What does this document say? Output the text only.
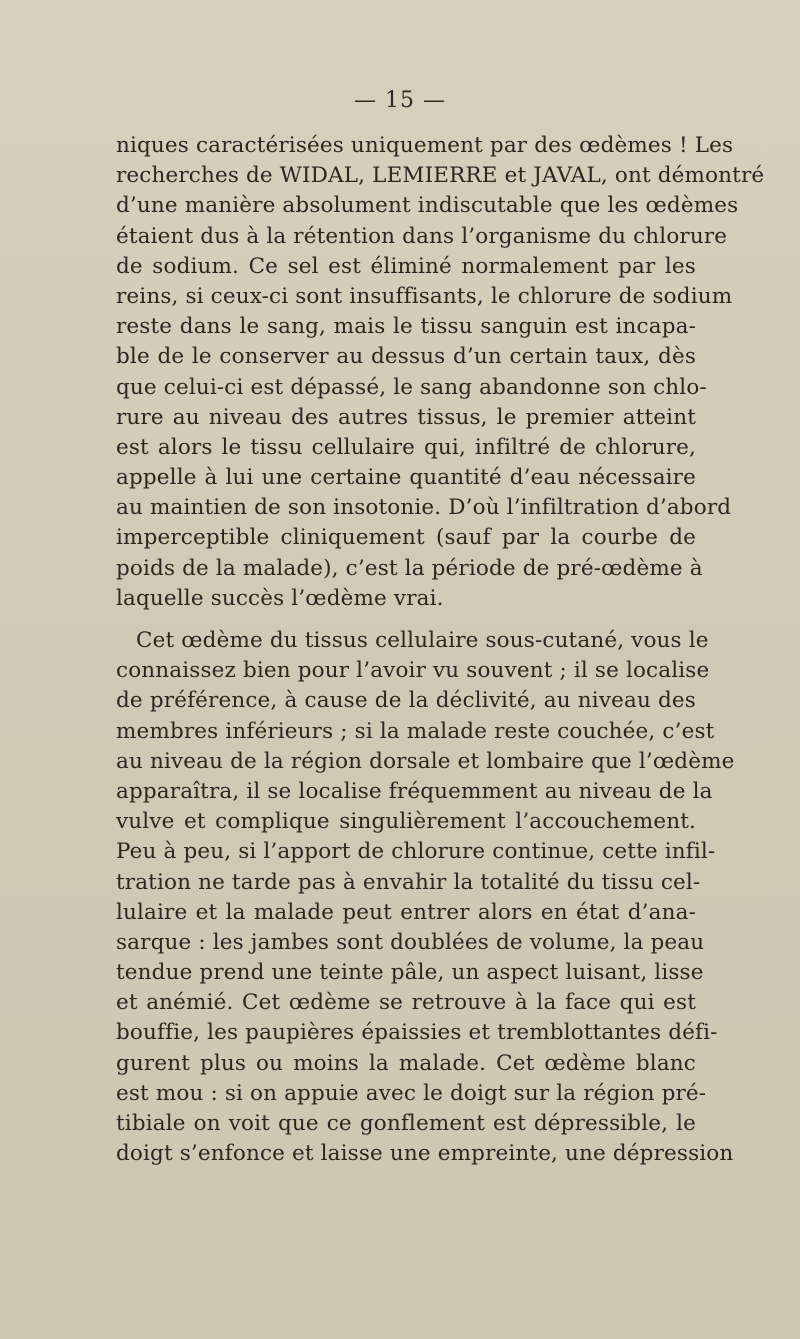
— 15 —
niques caractérisées uniquement par des œdèmes ! Les
recherches de WIDAL, LEMIERRE et JAVAL, ont démontré
d’une manière absolument indiscutable que les œdèmes
étaient dus à la rétention dans l’organisme du chlorure
de sodium. Ce sel est éliminé normalement par les
reins, si ceux-ci sont insuffisants, le chlorure de sodium
reste dans le sang, mais le tissu sanguin est incapa-
ble de le conserver au dessus d’un certain taux, dès
que celui-ci est dépassé, le sang abandonne son chlo-
rure au niveau des autres tissus, le premier atteint
est alors le tissu cellulaire qui, infiltré de chlorure,
appelle à lui une certaine quantité d’eau nécessaire
au maintien de son insotonie. D’où l’infiltration d’abord
imperceptible cliniquement (sauf par la courbe de
poids de la malade), c’est la période de pré-œdème à
laquelle succès l’œdème vrai.
Cet œdème du tissus cellulaire sous-cutané, vous le
connaissez bien pour l’avoir vu souvent ; il se localise
de préférence, à cause de la déclivité, au niveau des
membres inférieurs ; si la malade reste couchée, c’est
au niveau de la région dorsale et lombaire que l’œdème
apparaîtra, il se localise fréquemment au niveau de la
vulve et complique singulièrement l’accouchement.
Peu à peu, si l’apport de chlorure continue, cette infil-
tration ne tarde pas à envahir la totalité du tissu cel-
lulaire et la malade peut entrer alors en état d’ana-
sarque : les jambes sont doublées de volume, la peau
tendue prend une teinte pâle, un aspect luisant, lisse
et anémié. Cet œdème se retrouve à la face qui est
bouffie, les paupières épaissies et tremblottantes défi-
gurent plus ou moins la malade. Cet œdème blanc
est mou : si on appuie avec le doigt sur la région pré-
tibiale on voit que ce gonflement est dépressible, le
doigt s’enfonce et laisse une empreinte, une dépression
